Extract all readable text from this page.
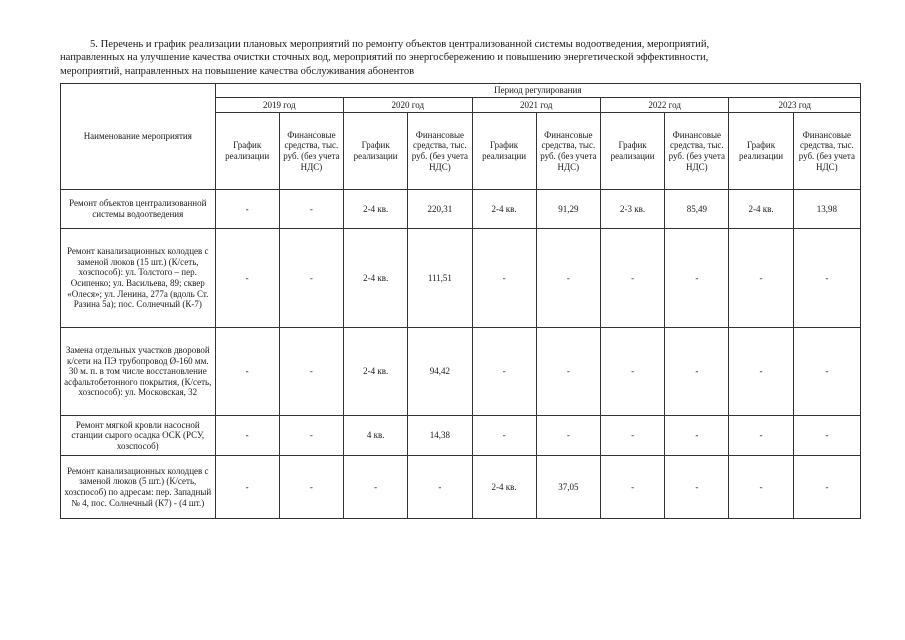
5. Перечень и график реализации плановых мероприятий по ремонту объектов централизованной системы водоотведения, мероприятий,
направленных на улучшение качества очистки сточных вод, мероприятий по энергосбережению и повышению энергетической эффективности,
мероприятий, направленных на повышение качества обслуживания абонентов
Наименование мероприятия	Период регулирования									
	2019 год		2020 год		2021 год		2022 год		2023 год	
	График реализации	Финансовые средства, тыс. руб. (без учета НДС)	График реализации	Финансовые средства, тыс. руб. (без учета НДС)	График реализации	Финансовые средства, тыс. руб. (без учета НДС)	График реализации	Финансовые средства, тыс. руб. (без учета НДС)	График реализации	Финансовые средства, тыс. руб. (без учета НДС)
Ремонт объектов централизованной системы водоотведения	-	-	2-4 кв.	220,31	2-4 кв.	91,29	2-3 кв.	85,49	2-4 кв.	13,98
Ремонт канализационных колодцев с заменой люков (15 шт.) (К/сеть, хозспособ): ул. Толстого – пер. Осипенко; ул. Васильева, 89; сквер «Олеся»; ул. Ленина, 277а (вдоль Ст. Разина 5а); пос. Солнечный (К-7)	-	-	2-4 кв.	111,51	-	-	-	-	-	-
Замена отдельных участков дворовой к/сети на ПЭ трубопровод Ø-160 мм. 30 м. п. в том числе восстановление асфальтобетонного покрытия, (К/сеть, хозспособ): ул. Московская, 32	-	-	2-4 кв.	94,42	-	-	-	-	-	-
Ремонт мягкой кровли насосной станции сырого осадка ОСК (РСУ, хозспособ)	-	-	4 кв.	14,38	-	-	-	-	-	-
Ремонт канализационных колодцев с заменой люков (5 шт.) (К/сеть, хозспособ) по адресам: пер. Западный № 4, пос. Солнечный (К7) - (4 шт.)	-	-	-	-	2-4 кв.	37,05	-	-	-	-
